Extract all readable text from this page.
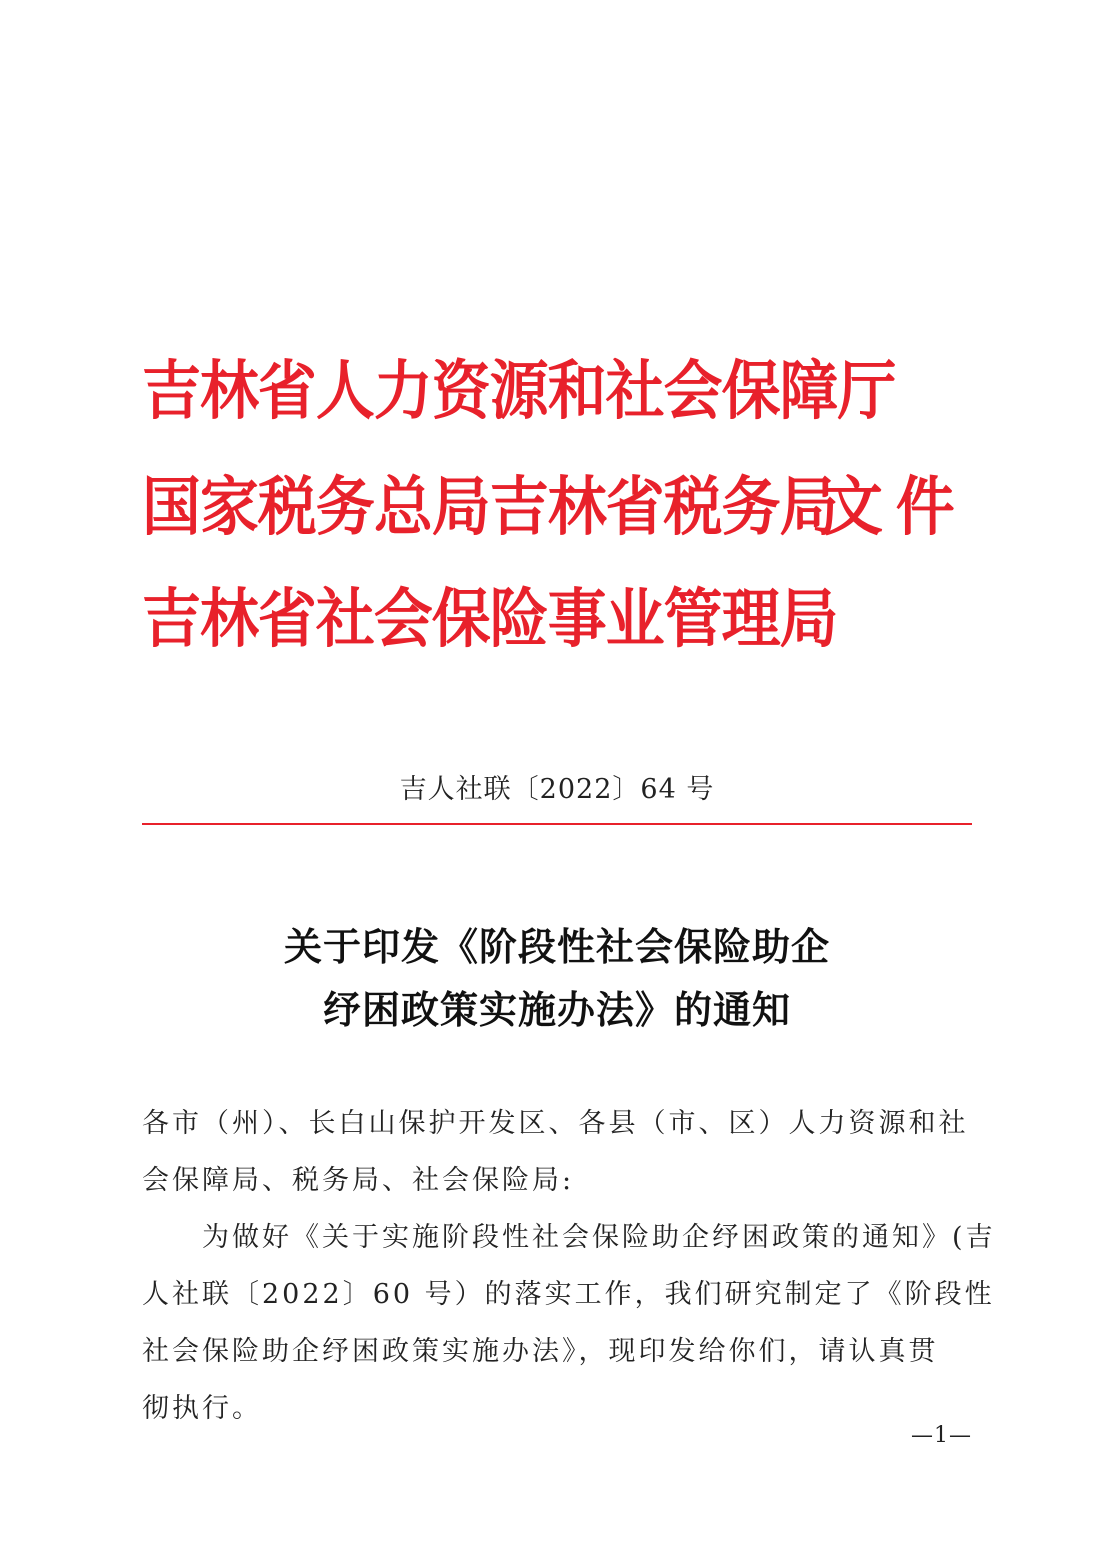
吉林省人力资源和社会保障厅
国家税务总局吉林省税务局
文件
吉林省社会保险事业管理局
吉人社联〔2022〕64 号
关于印发《阶段性社会保险助企
纾困政策实施办法》的通知
各市（州）、长白山保护开发区、各县（市、区）人力资源和社
会保障局、税务局、社会保险局:
　　为做好《关于实施阶段性社会保险助企纾困政策的通知》(吉
人社联〔2022〕60 号）的落实工作，我们研究制定了《阶段性
社会保险助企纾困政策实施办法》，现印发给你们，请认真贯
彻执行。
—1—
